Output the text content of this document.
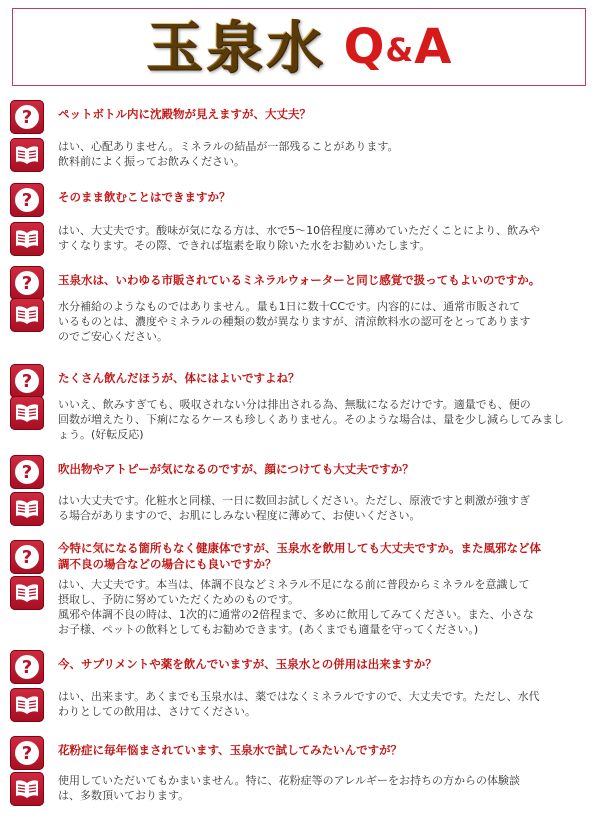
玉泉水 Q&A
?	ペットボトル内に沈殿物が見えますが、大丈夫？
はい、心配ありません。ミネラルの結晶が一部残ることがあります。
飲料前によく振ってお飲みください。
?	そのまま飲むことはできますか？
はい、大丈夫です。酸味が気になる方は、水で5〜10倍程度に薄めていただくことにより、飲みや
すくなります。その際、できれば塩素を取り除いた水をお勧めいたします。
?	玉泉水は、いわゆる市販されているミネラルウォーターと同じ感覚で扱ってもよいのですか。
水分補給のようなものではありません。量も1日に数十CCです。内容的には、通常市販されて
いるものとは、濃度やミネラルの種類の数が異なりますが、清涼飲料水の認可をとってあります
のでご安心ください。
?	たくさん飲んだほうが、体にはよいですよね？
いいえ、飲みすぎても、吸収されない分は排出される為、無駄になるだけです。適量でも、便の
回数が増えたり、下痢になるケースも珍しくありません。そのような場合は、量を少し減らしてみまし
ょう。(好転反応)
?	吹出物やアトピーが気になるのですが、顔につけても大丈夫ですか？
はい大丈夫です。化粧水と同様、一日に数回お試しください。ただし、原液ですと刺激が強すぎ
る場合がありますので、お肌にしみない程度に薄めて、お使いください。
?	今特に気になる箇所もなく健康体ですが、玉泉水を飲用しても大丈夫ですか。また風邪など体
調不良の場合などの場合にも良いですか？
はい、大丈夫です。本当は、体調不良などミネラル不足になる前に普段からミネラルを意識して
摂取し、予防に努めていただくためのものです。
風邪や体調不良の時は、1次的に通常の2倍程まで、多めに飲用してみてください。また、小さな
お子様、ペットの飲料としてもお勧めできます。(あくまでも適量を守ってください。)
?	今、サプリメントや薬を飲んでいますが、玉泉水との併用は出来ますか？
はい、出来ます。あくまでも玉泉水は、薬ではなくミネラルですので、大丈夫です。ただし、水代
わりとしての飲用は、さけてください。
?	花粉症に毎年悩まされています、玉泉水で試してみたいんですが？
使用していただいてもかまいません。特に、花粉症等のアレルギーをお持ちの方からの体験談
は、多数頂いております。
